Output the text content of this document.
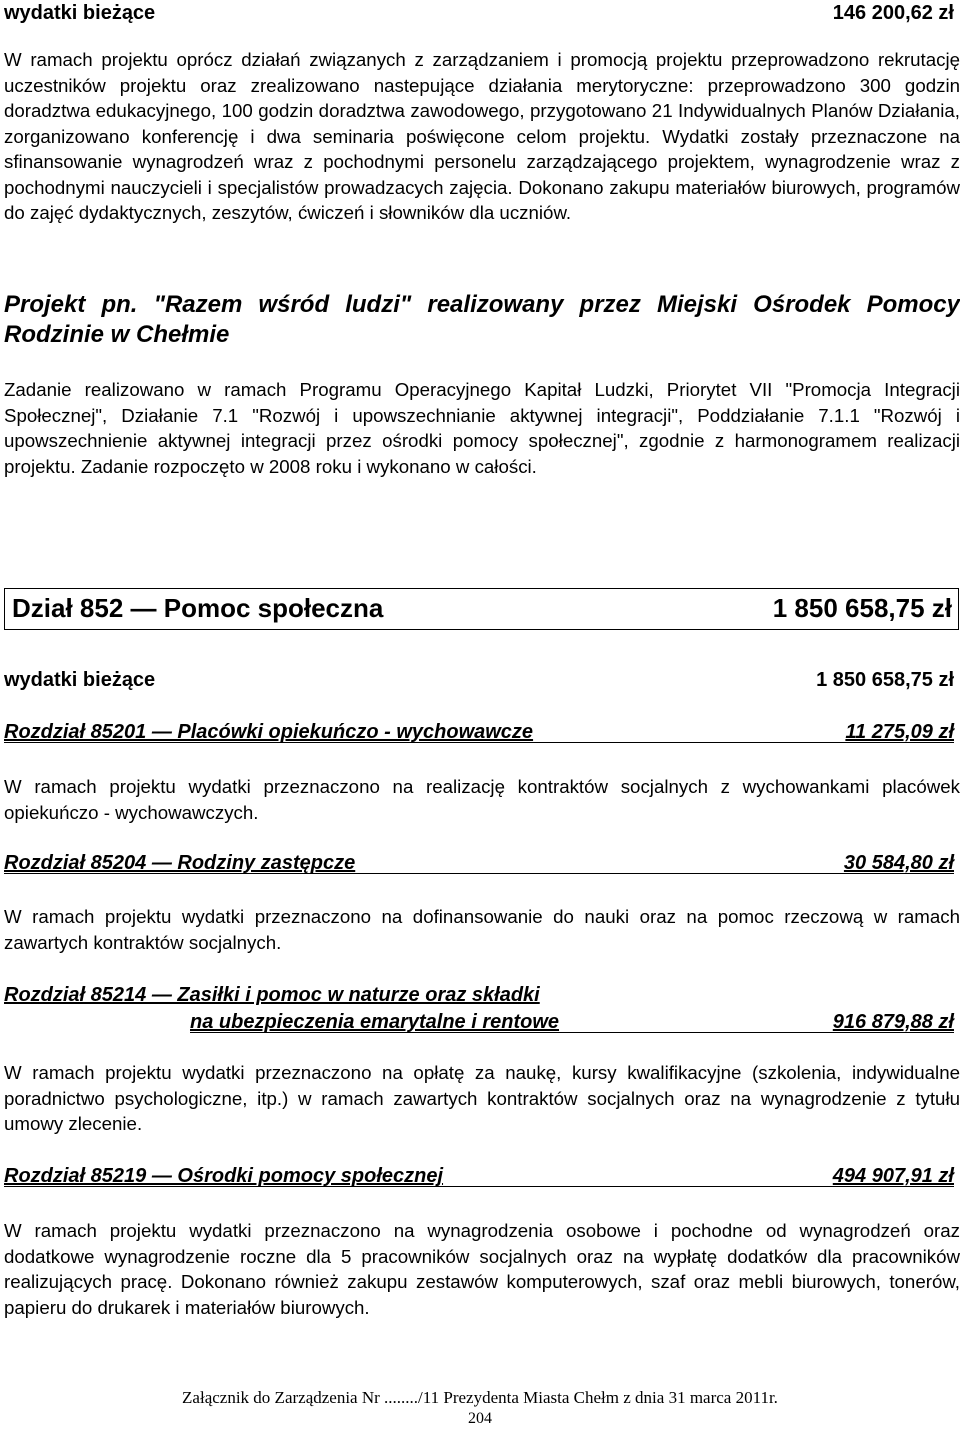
wydatki bieżące	146 200,62 zł
W ramach projektu oprócz działań związanych z zarządzaniem i promocją projektu przeprowadzono rekrutację uczestników projektu oraz zrealizowano nastepujące działania merytoryczne: przeprowadzono 300 godzin doradztwa edukacyjnego, 100 godzin doradztwa zawodowego, przygotowano 21 Indywidualnych Planów Działania, zorganizowano konferencję i dwa seminaria poświęcone celom projektu. Wydatki zostały przeznaczone na sfinansowanie wynagrodzeń wraz z pochodnymi personelu zarządzającego projektem, wynagrodzenie wraz z pochodnymi nauczycieli i specjalistów prowadzacych zajęcia. Dokonano zakupu materiałów biurowych, programów do zajęć dydaktycznych, zeszytów, ćwiczeń i słowników dla uczniów.
Projekt pn. "Razem wśród ludzi" realizowany przez Miejski Ośrodek Pomocy Rodzinie w Chełmie
Zadanie realizowano w ramach Programu Operacyjnego Kapitał Ludzki, Priorytet VII "Promocja Integracji Społecznej", Działanie 7.1 "Rozwój i upowszechnianie aktywnej integracji", Poddziałanie 7.1.1 "Rozwój i upowszechnienie aktywnej integracji przez ośrodki pomocy społecznej", zgodnie z harmonogramem realizacji projektu. Zadanie rozpoczęto w 2008 roku i wykonano w całości.
Dział 852 — Pomoc społeczna	1 850 658,75 zł
wydatki bieżące	1 850 658,75 zł
Rozdział 85201 — Placówki opiekuńczo - wychowawcze	11 275,09 zł
W ramach projektu wydatki przeznaczono na realizację kontraktów socjalnych z wychowankami placówek opiekuńczo - wychowawczych.
Rozdział 85204 — Rodziny zastępcze	30 584,80 zł
W ramach projektu wydatki przeznaczono na dofinansowanie do nauki oraz na pomoc rzeczową w ramach zawartych kontraktów socjalnych.
Rozdział 85214 — Zasiłki i pomoc w naturze oraz składki
na ubezpieczenia emarytalne i rentowe	916 879,88 zł
W ramach projektu wydatki przeznaczono na opłatę za naukę, kursy kwalifikacyjne (szkolenia, indywidualne poradnictwo psychologiczne, itp.) w ramach zawartych kontraktów socjalnych oraz na wynagrodzenie z tytułu umowy zlecenie.
Rozdział 85219 — Ośrodki pomocy społecznej	494 907,91 zł
W ramach projektu wydatki przeznaczono na wynagrodzenia osobowe i pochodne od wynagrodzeń oraz dodatkowe wynagrodzenie roczne dla 5 pracowników socjalnych oraz na wypłatę dodatków dla pracowników realizujących pracę. Dokonano również zakupu zestawów komputerowych, szaf oraz mebli biurowych, tonerów, papieru do drukarek i materiałów biurowych.
Załącznik do Zarządzenia Nr ......../11 Prezydenta Miasta Chełm z dnia 31 marca 2011r.
204
